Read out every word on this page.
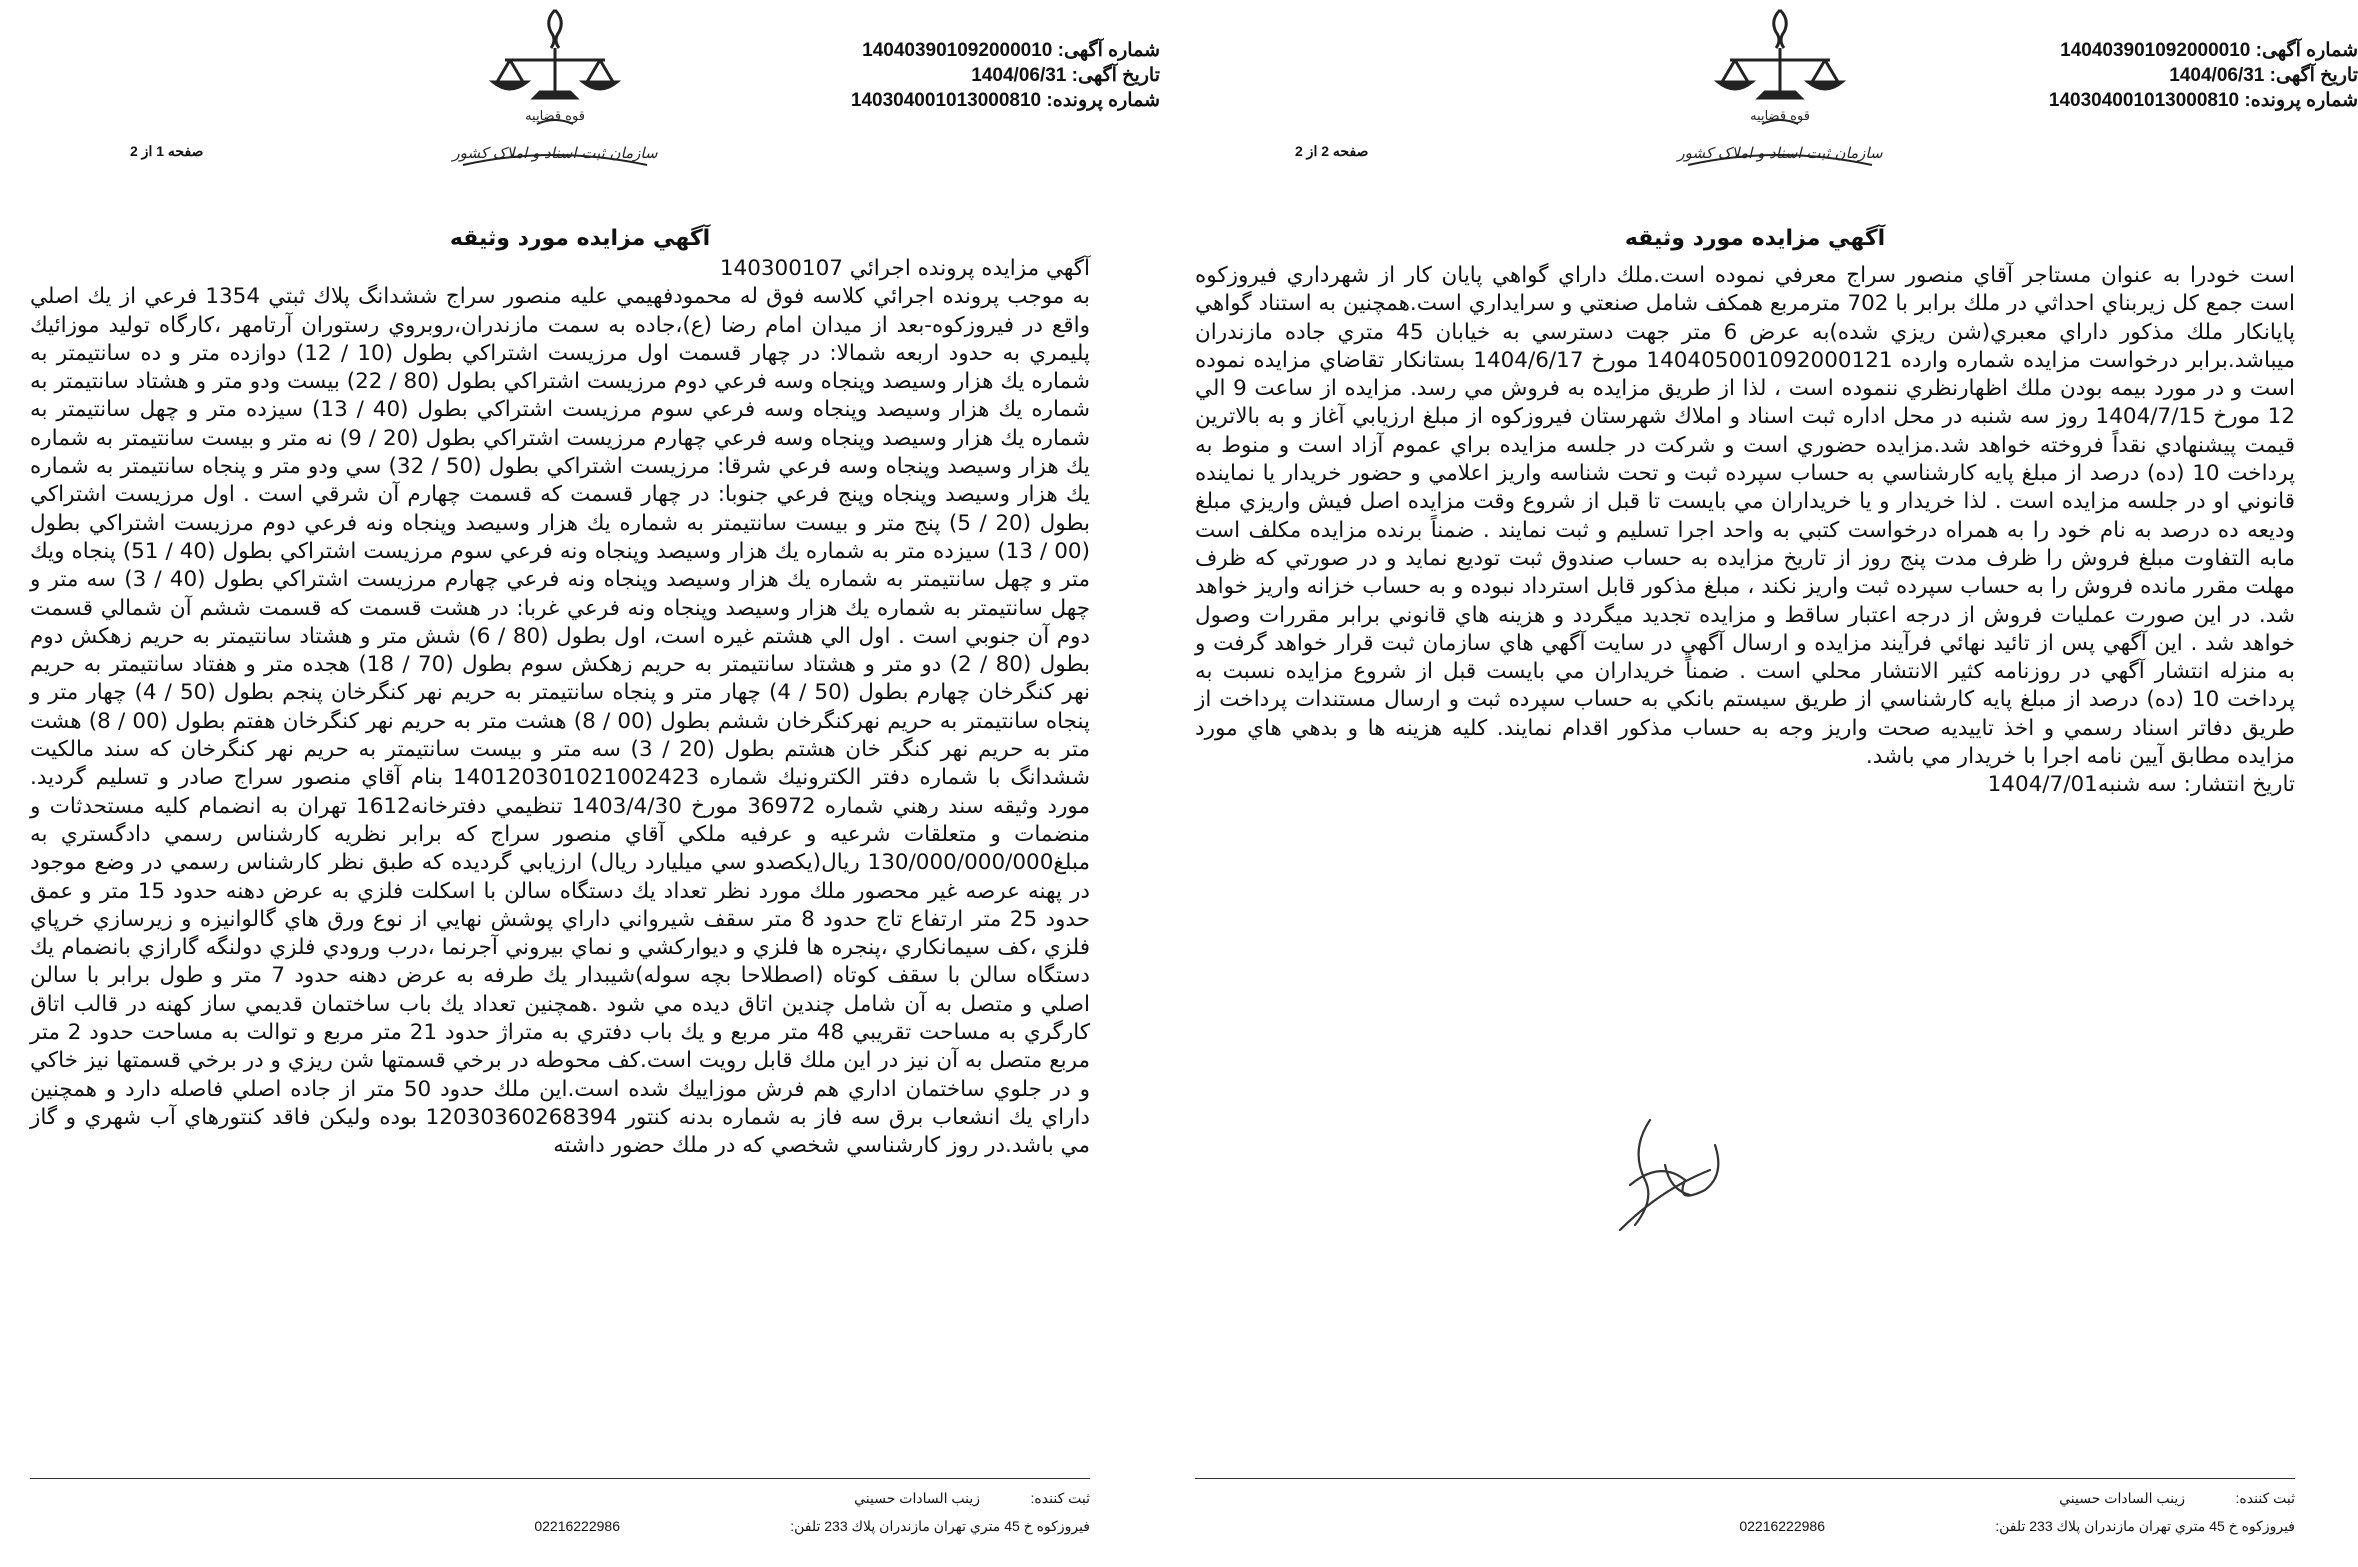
شماره آگهی: 140403901092000010
تاریخ آگهی: 1404/06/31
شماره پرونده: 140304001013000810
قوه قضاییه
سازمان ثبت اسناد و املاک کشور
صفحه 1 از 2
آگهي مزايده مورد وثيقه

آگهي مزايده پرونده اجرائي 140300107

به موجب پرونده اجرائي كلاسه فوق له محمودفهيمي عليه منصور سراج ششدانگ پلاك ثبتي 1354 فرعي از يك اصلي واقع در فيروزكوه-بعد از ميدان امام رضا (ع)،جاده به سمت مازندران،روبروي رستوران آرتامهر ،كارگاه توليد موزائيك پليمري به حدود اربعه شمالا: در چهار قسمت اول مرزيست اشتراكي بطول (10 / 12) دوازده متر و ده سانتيمتر به شماره يك هزار وسيصد وپنجاه وسه فرعي دوم مرزيست اشتراكي بطول (80 / 22) بيست ودو متر و هشتاد سانتيمتر به شماره يك هزار وسيصد وپنجاه وسه فرعي سوم مرزيست اشتراكي بطول (40 / 13) سيزده متر و چهل سانتيمتر به شماره يك هزار وسيصد وپنجاه وسه فرعي چهارم مرزيست اشتراكي بطول (20 / 9) نه متر و بيست سانتيمتر به شماره يك هزار وسيصد وپنجاه وسه فرعي شرقا: مرزيست اشتراكي بطول (50 / 32) سي ودو متر و پنجاه سانتيمتر به شماره يك هزار وسيصد وپنجاه وپنج فرعي جنوبا: در چهار قسمت كه قسمت چهارم آن شرقي است . اول مرزيست اشتراكي بطول (20 / 5) پنج متر و بيست سانتيمتر به شماره يك هزار وسيصد وپنجاه ونه فرعي دوم مرزيست اشتراكي بطول (00 / 13) سيزده متر به شماره يك هزار وسيصد وپنجاه ونه فرعي سوم مرزيست اشتراكي بطول (40 / 51) پنجاه ويك متر و چهل سانتيمتر به شماره يك هزار وسيصد وپنجاه ونه فرعي چهارم مرزيست اشتراكي بطول (40 / 3) سه متر و چهل سانتيمتر به شماره يك هزار وسيصد وپنجاه ونه فرعي غربا: در هشت قسمت كه قسمت ششم آن شمالي قسمت دوم آن جنوبي است . اول الي هشتم غيره است، اول بطول (80 / 6) شش متر و هشتاد سانتيمتر به حريم زهكش دوم بطول (80 / 2) دو متر و هشتاد سانتيمتر به حريم زهكش سوم بطول (70 / 18) هجده متر و هفتاد سانتيمتر به حريم نهر كنگرخان چهارم بطول (50 / 4) چهار متر و پنجاه سانتيمتر به حريم نهر كنگرخان پنجم بطول (50 / 4) چهار متر و پنجاه سانتيمتر به حريم نهركنگرخان ششم بطول (00 / 8) هشت متر به حريم نهر كنگرخان هفتم بطول (00 / 8) هشت متر به حريم نهر كنگر خان هشتم بطول (20 / 3) سه متر و بيست سانتيمتر به حريم نهر كنگرخان كه سند مالكيت ششدانگ با شماره دفتر الكترونيك شماره 140120301021002423 بنام آقاي منصور سراج صادر و تسليم گرديد. مورد وثيقه سند رهني شماره 36972 مورخ 1403/4/30 تنظيمي دفترخانه1612 تهران به انضمام كليه مستحدثات و منضمات و متعلقات شرعيه و عرفيه ملكي آقاي منصور سراج كه برابر نظريه كارشناس رسمي دادگستري به مبلغ130/000/000/000 ريال(يكصدو سي ميليارد ريال) ارزيابي گرديده كه طبق نظر كارشناس رسمي در وضع موجود در پهنه عرصه غير محصور ملك مورد نظر تعداد يك دستگاه سالن با اسكلت فلزي به عرض دهنه حدود 15 متر و عمق حدود 25 متر ارتفاع تاج حدود 8 متر سقف شيرواني داراي پوشش نهايي از نوع ورق هاي گالوانيزه و زيرسازي خرپاي فلزي ،كف سيمانكاري ،پنجره ها فلزي و ديواركشي و نماي بيروني آجرنما ،درب ورودي فلزي دولنگه گارازي بانضمام يك دستگاه سالن با سقف كوتاه (اصطلاحا بچه سوله)شيبدار يك طرفه به عرض دهنه حدود 7 متر و طول برابر با سالن اصلي و متصل به آن شامل چندين اتاق ديده مي شود .همچنين تعداد يك باب ساختمان قديمي ساز كهنه در قالب اتاق كارگري به مساحت تقريبي 48 متر مربع و يك باب دفتري به متراژ حدود 21 متر مربع و توالت به مساحت حدود 2 متر مربع متصل به آن نيز در اين ملك قابل رويت است.كف محوطه در برخي قسمتها شن ريزي و در برخي قسمتها نيز خاكي و در جلوي ساختمان اداري هم فرش موزاييك شده است.اين ملك حدود 50 متر از جاده اصلي فاصله دارد و همچنين داراي يك انشعاب برق سه فاز به شماره بدنه كنتور 12030360268394 بوده ولیکن فاقد كنتورهاي آب شهري و گاز مي باشد.در روز كارشناسي شخصي كه در ملك حضور داشته

ثبت کننده:
زينب السادات حسيني
فيروزكوه خ 45 متري تهران مازندران پلاك 233 تلفن:
02216222986
شماره آگهی: 140403901092000010
تاریخ آگهی: 1404/06/31
شماره پرونده: 140304001013000810
قوه قضاییه
سازمان ثبت اسناد و املاک کشور
صفحه 2 از 2
آگهي مزايده مورد وثيقه

است خودرا به عنوان مستاجر آقاي منصور سراج معرفي نموده است.ملك داراي گواهي پايان كار از شهرداري فيروزكوه است جمع كل زيربناي احداثي در ملك برابر با 702 مترمربع همكف شامل صنعتي و سرايداري است.همچنين به استناد گواهي پايانكار ملك مذكور داراي معبري(شن ريزي شده)به عرض 6 متر جهت دسترسي به خيابان 45 متري جاده مازندران ميباشد.برابر درخواست مزايده شماره وارده 140405001092000121 مورخ 1404/6/17 بستانكار تقاضاي مزايده نموده است و در مورد بيمه بودن ملك اظهارنظري ننموده است ، لذا از طريق مزايده به فروش مي رسد. مزايده از ساعت 9 الي 12 مورخ 1404/7/15 روز سه شنبه در محل اداره ثبت اسناد و املاك شهرستان فيروزكوه از مبلغ ارزيابي آغاز و به بالاترين قيمت پيشنهادي نقداً فروخته خواهد شد.مزايده حضوري است و شركت در جلسه مزايده براي عموم آزاد است و منوط به پرداخت 10 (ده) درصد از مبلغ پايه كارشناسي به حساب سپرده ثبت و تحت شناسه واريز اعلامي و حضور خريدار يا نماينده قانوني او در جلسه مزايده است . لذا خريدار و يا خريداران مي بايست تا قبل از شروع وقت مزايده اصل فيش واريزي مبلغ وديعه ده درصد به نام خود را به همراه درخواست كتبي به واحد اجرا تسليم و ثبت نمايند . ضمناً برنده مزايده مكلف است مابه التفاوت مبلغ فروش را ظرف مدت پنج روز از تاريخ مزايده به حساب صندوق ثبت توديع نمايد و در صورتي كه ظرف مهلت مقرر مانده فروش را به حساب سپرده ثبت واريز نكند ، مبلغ مذكور قابل استرداد نبوده و به حساب خزانه واريز خواهد شد. در اين صورت عمليات فروش از درجه اعتبار ساقط و مزايده تجديد ميگردد و هزينه هاي قانوني برابر مقررات وصول خواهد شد . اين آگهي پس از تائيد نهائي فرآيند مزايده و ارسال آگهي در سايت آگهي هاي سازمان ثبت قرار خواهد گرفت و به منزله انتشار آگهي در روزنامه كثير الانتشار محلي است . ضمناً خريداران مي بايست قبل از شروع مزايده نسبت به پرداخت 10 (ده) درصد از مبلغ پايه كارشناسي از طريق سيستم بانكي به حساب سپرده ثبت و ارسال مستندات پرداخت از طريق دفاتر اسناد رسمي و اخذ تاييديه صحت واريز وجه به حساب مذكور اقدام نمايند. كليه هزينه ها و بدهي هاي مورد مزايده مطابق آيين نامه اجرا با خريدار مي باشد.

تاريخ انتشار: سه شنبه1404/7/01

ثبت کننده:
زينب السادات حسيني
فيروزكوه خ 45 متري تهران مازندران پلاك 233 تلفن:
02216222986
